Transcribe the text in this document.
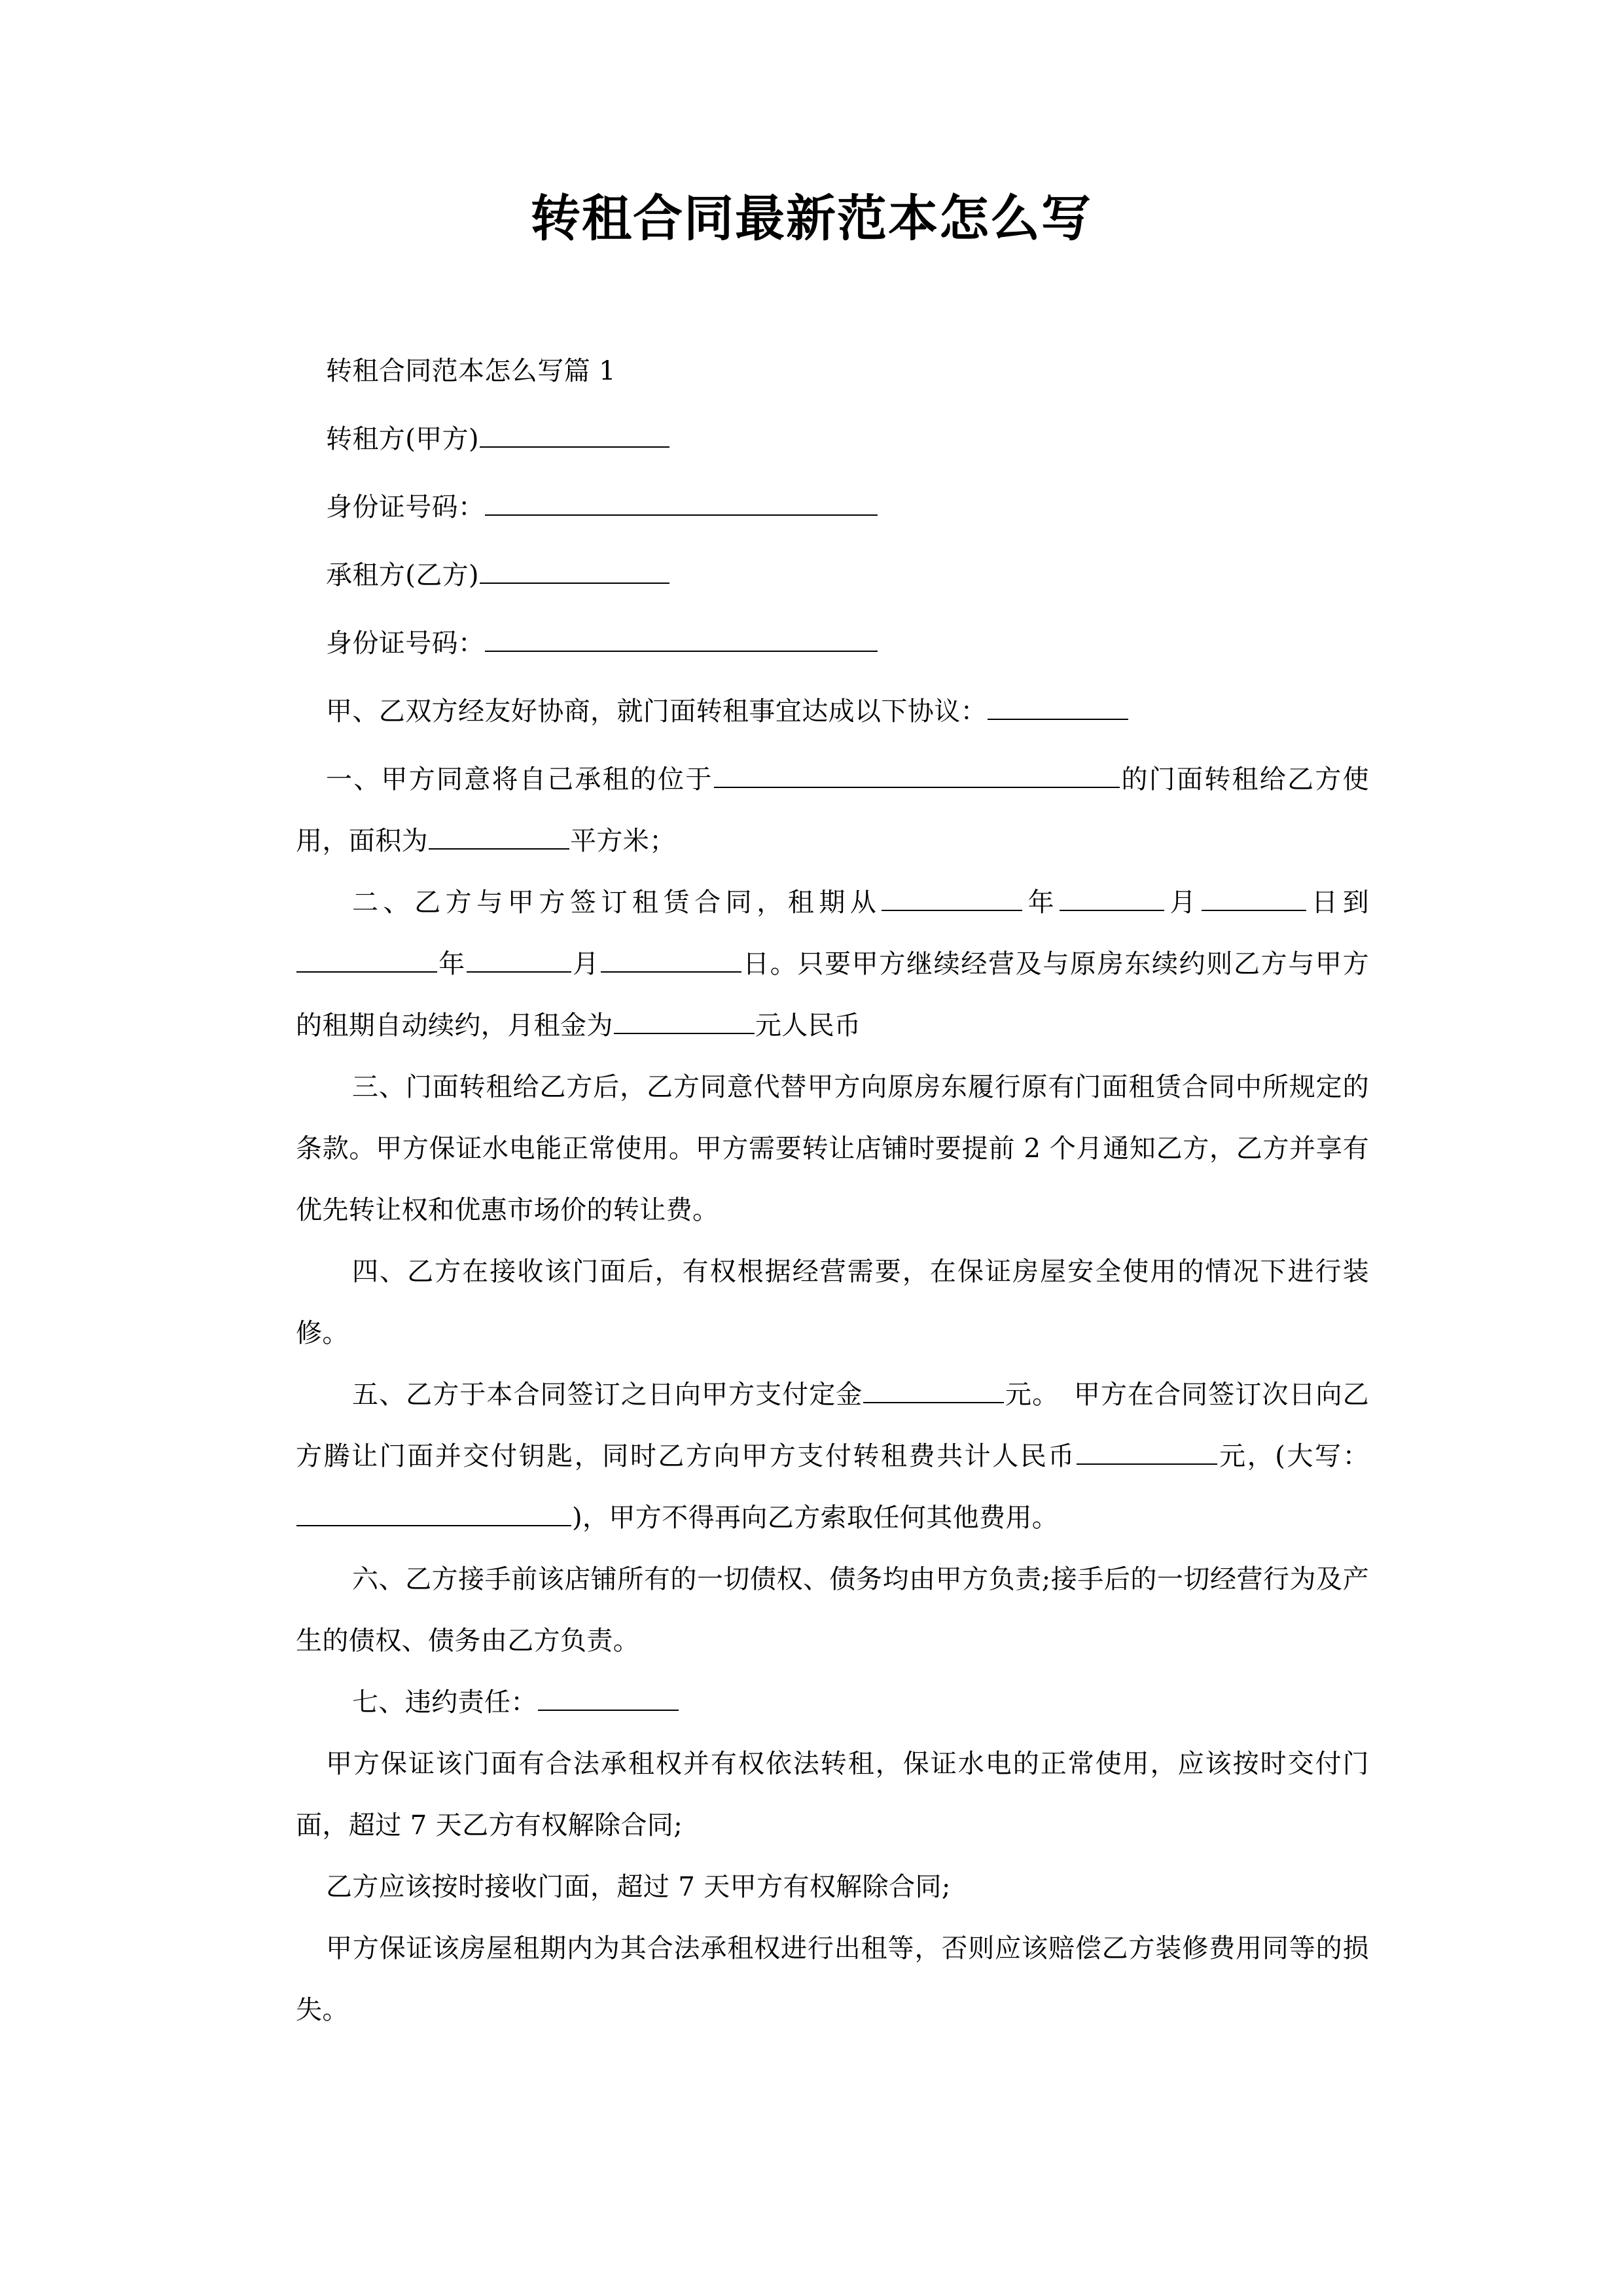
转租合同最新范本怎么写

转租合同范本怎么写篇 1

转租方(甲方)

身份证号码：

承租方(乙方)

身份证号码：

甲、乙双方经友好协商，就门面转租事宜达成以下协议：

一、甲方同意将自己承租的位于	的门面转租给乙方使用，面积为	平方米；

二、乙方与甲方签订租赁合同，租期从	年	月	日到年	月	日。只要甲方继续经营及与原房东续约则乙方与甲方的租期自动续约，月租金为	元人民币

三、门面转租给乙方后，乙方同意代替甲方向原房东履行原有门面租赁合同中所规定的条款。甲方保证水电能正常使用。甲方需要转让店铺时要提前 2 个月通知乙方，乙方并享有优先转让权和优惠市场价的转让费。

四、乙方在接收该门面后，有权根据经营需要，在保证房屋安全使用的情况下进行装修。

五、乙方于本合同签订之日向甲方支付定金	元。 甲方在合同签订次日向乙方腾让门面并交付钥匙，同时乙方向甲方支付转租费共计人民币	元，(大写：)，甲方不得再向乙方索取任何其他费用。

六、乙方接手前该店铺所有的一切债权、债务均由甲方负责;接手后的一切经营行为及产生的债权、债务由乙方负责。

七、违约责任：

甲方保证该门面有合法承租权并有权依法转租，保证水电的正常使用，应该按时交付门面，超过 7 天乙方有权解除合同;

乙方应该按时接收门面，超过 7 天甲方有权解除合同;

甲方保证该房屋租期内为其合法承租权进行出租等，否则应该赔偿乙方装修费用同等的损失。
